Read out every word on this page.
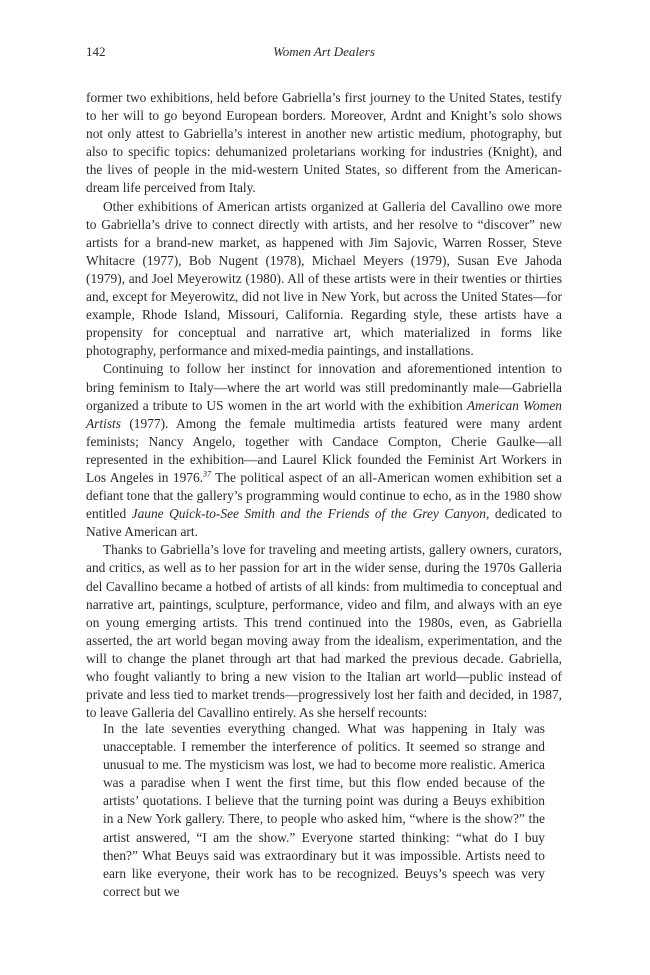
142	Women Art Dealers

former two exhibitions, held before Gabriella’s first journey to the United States, testify to her will to go beyond European borders. Moreover, Ardnt and Knight’s solo shows not only attest to Gabriella’s interest in another new artistic medium, photography, but also to specific topics: dehumanized proletarians working for industries (Knight), and the lives of people in the mid-western United States, so different from the American-dream life perceived from Italy.

Other exhibitions of American artists organized at Galleria del Cavallino owe more to Gabriella’s drive to connect directly with artists, and her resolve to “discover” new artists for a brand-new market, as happened with Jim Sajovic, Warren Rosser, Steve Whitacre (1977), Bob Nugent (1978), Michael Meyers (1979), Susan Eve Jahoda (1979), and Joel Meyerowitz (1980). All of these artists were in their twenties or thirties and, except for Meyerowitz, did not live in New York, but across the United States—for example, Rhode Island, Missouri, California. Regarding style, these artists have a propensity for conceptual and narrative art, which materialized in forms like photography, performance and mixed-media paintings, and installations.

Continuing to follow her instinct for innovation and aforementioned intention to bring feminism to Italy—where the art world was still predominantly male—Gabriella organized a tribute to US women in the art world with the exhibition American Women Artists (1977). Among the female multimedia artists featured were many ardent feminists; Nancy Angelo, together with Candace Compton, Cherie Gaulke—all represented in the exhibition—and Laurel Klick founded the Feminist Art Workers in Los Angeles in 1976.37 The political aspect of an all-American women exhibition set a defiant tone that the gallery’s programming would continue to echo, as in the 1980 show entitled Jaune Quick-to-See Smith and the Friends of the Grey Canyon, dedicated to Native American art.

Thanks to Gabriella’s love for traveling and meeting artists, gallery owners, curators, and critics, as well as to her passion for art in the wider sense, during the 1970s Galleria del Cavallino became a hotbed of artists of all kinds: from multimedia to conceptual and narrative art, paintings, sculpture, performance, video and film, and always with an eye on young emerging artists. This trend continued into the 1980s, even, as Gabriella asserted, the art world began moving away from the idealism, experimentation, and the will to change the planet through art that had marked the previous decade. Gabriella, who fought valiantly to bring a new vision to the Italian art world—public instead of private and less tied to market trends—progressively lost her faith and decided, in 1987, to leave Galleria del Cavallino entirely. As she herself recounts:

In the late seventies everything changed. What was happening in Italy was unacceptable. I remember the interference of politics. It seemed so strange and unusual to me. The mysticism was lost, we had to become more realistic. America was a paradise when I went the first time, but this flow ended because of the artists’ quotations. I believe that the turning point was during a Beuys exhibition in a New York gallery. There, to people who asked him, “where is the show?” the artist answered, “I am the show.” Everyone started thinking: “what do I buy then?” What Beuys said was extraordinary but it was impossible. Artists need to earn like everyone, their work has to be recognized. Beuys’s speech was very correct but we
